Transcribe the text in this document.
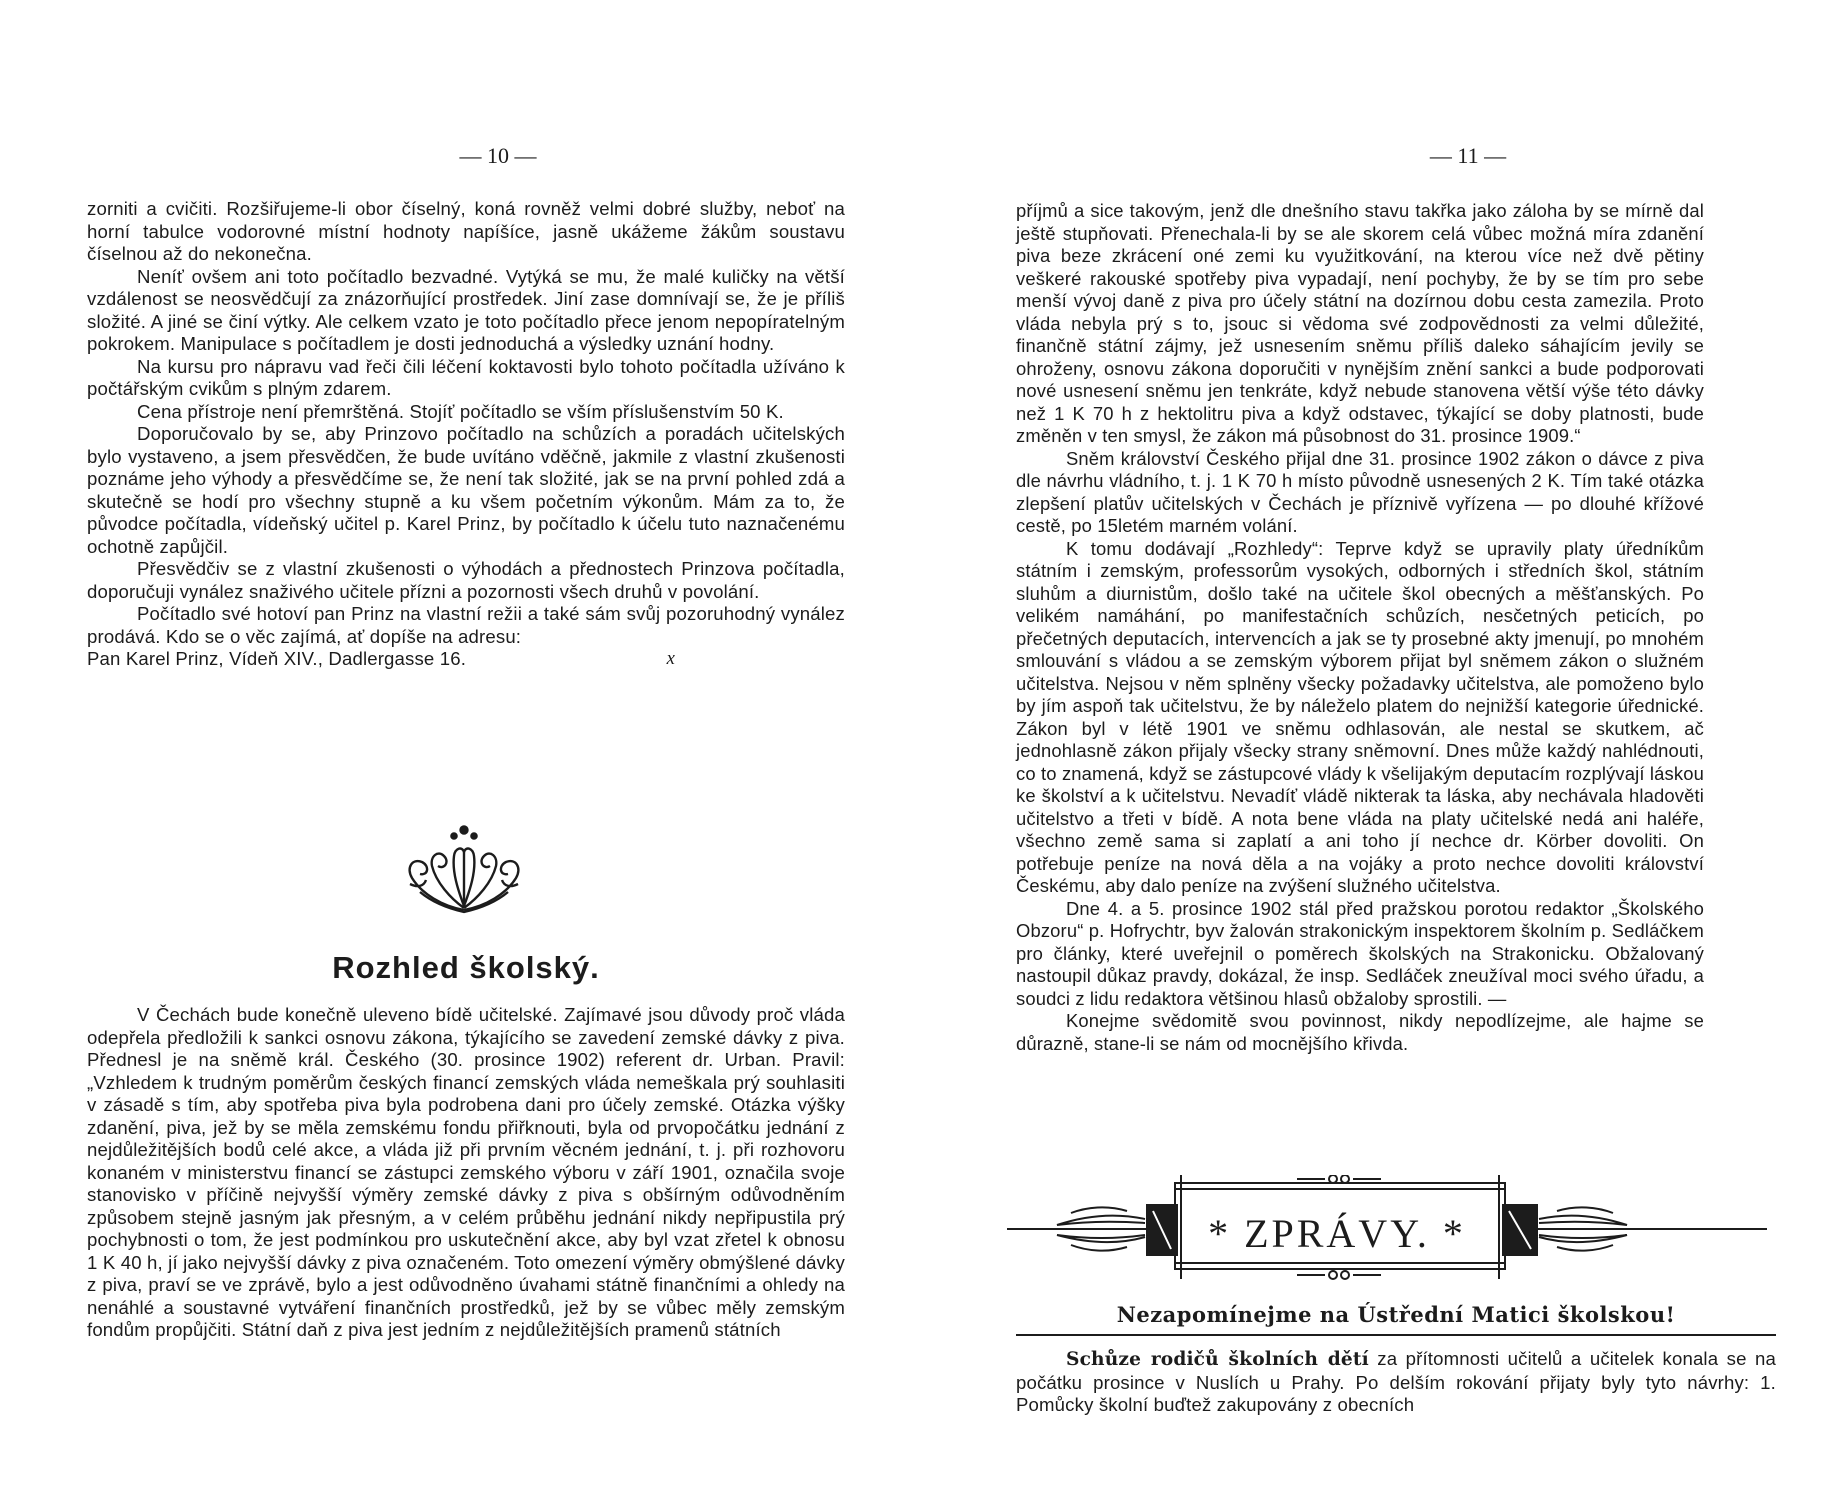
— 10 —

zorniti a cvičiti. Rozšiřujeme-li obor číselný, koná rovněž velmi dobré služby, neboť na horní tabulce vodorovné místní hodnoty napíšíce, jasně ukážeme žákům soustavu číselnou až do nekonečna.

Neníť ovšem ani toto počítadlo bezvadné. Vytýká se mu, že malé kuličky na větší vzdálenost se neosvědčují za znázorňující prostředek. Jiní zase domnívají se, že je příliš složité. A jiné se činí výtky. Ale celkem vzato je toto počítadlo přece jenom nepopíratelným pokrokem. Manipulace s počítadlem je dosti jednoduchá a výsledky uznání hodny.

Na kursu pro nápravu vad řeči čili léčení koktavosti bylo tohoto počítadla užíváno k počtářským cvikům s plným zdarem.

Cena přístroje není přemrštěná. Stojíť počítadlo se vším příslušenstvím 50 K.

Doporučovalo by se, aby Prinzovo počítadlo na schůzích a poradách učitelských bylo vystaveno, a jsem přesvědčen, že bude uvítáno vděčně, jakmile z vlastní zkušenosti poznáme jeho výhody a přesvědčíme se, že není tak složité, jak se na první pohled zdá a skutečně se hodí pro všechny stupně a ku všem početním výkonům. Mám za to, že původce počítadla, vídeňský učitel p. Karel Prinz, by počítadlo k účelu tuto naznačenému ochotně zapůjčil.

Přesvědčiv se z vlastní zkušenosti o výhodách a přednostech Prinzova počítadla, doporučuji vynález snaživého učitele přízni a pozornosti všech druhů v povolání.

Počítadlo své hotoví pan Prinz na vlastní režii a také sám svůj pozoruhodný vynález prodává. Kdo se o věc zajímá, ať dopíše na adresu:

Pan Karel Prinz, Vídeň XIV., Dadlergasse 16.	x

Rozhled školský.

V Čechách bude konečně uleveno bídě učitelské. Zajímavé jsou důvody proč vláda odepřela předložili k sankci osnovu zákona, týkajícího se zavedení zemské dávky z piva. Přednesl je na sněmě král. Českého (30. prosince 1902) referent dr. Urban. Pravil: „Vzhledem k trudným poměrům českých financí zemských vláda nemeškala prý souhlasiti v zásadě s tím, aby spotřeba piva byla podrobena dani pro účely zemské. Otázka výšky zdanění, piva, jež by se měla zemskému fondu přiřknouti, byla od prvopočátku jednání z nejdůležitějších bodů celé akce, a vláda již při prvním věcném jednání, t. j. při rozhovoru konaném v ministerstvu financí se zástupci zemského výboru v září 1901, označila svoje stanovisko v příčině nejvyšší výměry zemské dávky z piva s obšírným odůvodněním způsobem stejně jasným jak přesným, a v celém průběhu jednání nikdy nepřipustila prý pochybnosti o tom, že jest podmínkou pro uskutečnění akce, aby byl vzat zřetel k obnosu 1 K 40 h, jí jako nejvyšší dávky z piva označeném. Toto omezení výměry obmýšlené dávky z piva, praví se ve zprávě, bylo a jest odůvodněno úvahami státně finančními a ohledy na nenáhlé a soustavné vytváření finančních prostředků, jež by se vůbec měly zemským fondům propůjčiti. Státní daň z piva jest jedním z nejdůležitějších pramenů státních

— 11 —

příjmů a sice takovým, jenž dle dnešního stavu takřka jako záloha by se mírně dal ještě stupňovati. Přenechala-li by se ale skorem celá vůbec možná míra zdanění piva beze zkrácení oné zemi ku využitkování, na kterou více než dvě pětiny veškeré rakouské spotřeby piva vypadají, není pochyby, že by se tím pro sebe menší vývoj daně z piva pro účely státní na dozírnou dobu cesta zamezila. Proto vláda nebyla prý s to, jsouc si vědoma své zodpovědnosti za velmi důležité, finančně státní zájmy, jež usnesením sněmu příliš daleko sáhajícím jevily se ohroženy, osnovu zákona doporučiti v nynějším znění sankci a bude podporovati nové usnesení sněmu jen tenkráte, když nebude stanovena větší výše této dávky než 1 K 70 h z hektolitru piva a když odstavec, týkající se doby platnosti, bude změněn v ten smysl, že zákon má působnost do 31. prosince 1909.“

Sněm království Českého přijal dne 31. prosince 1902 zákon o dávce z piva dle návrhu vládního, t. j. 1 K 70 h místo původně usnesených 2 K. Tím také otázka zlepšení platův učitelských v Čechách je příznivě vyřízena — po dlouhé křížové cestě, po 15letém marném volání.

K tomu dodávají „Rozhledy“: Teprve když se upravily platy úředníkům státním i zemským, professorům vysokých, odborných i středních škol, státním sluhům a diurnistům, došlo také na učitele škol obecných a měšťanských. Po velikém namáhání, po manifestačních schůzích, nesčetných peticích, po přečetných deputacích, intervencích a jak se ty prosebné akty jmenují, po mnohém smlouvání s vládou a se zemským výborem přijat byl sněmem zákon o služném učitelstva. Nejsou v něm splněny všecky požadavky učitelstva, ale pomoženo bylo by jím aspoň tak učitelstvu, že by náleželo platem do nejnižší kategorie úřednické. Zákon byl v létě 1901 ve sněmu odhlasován, ale nestal se skutkem, ač jednohlasně zákon přijaly všecky strany sněmovní. Dnes může každý nahlédnouti, co to znamená, když se zástupcové vlády k všelijakým deputacím rozplývají láskou ke školství a k učitelstvu. Nevadíť vládě nikterak ta láska, aby nechávala hladověti učitelstvo a třeti v bídě. A nota bene vláda na platy učitelské nedá ani haléře, všechno země sama si zaplatí a ani toho jí nechce dr. Körber dovoliti. On potřebuje peníze na nová děla a na vojáky a proto nechce dovoliti království Českému, aby dalo peníze na zvýšení služného učitelstva.

Dne 4. a 5. prosince 1902 stál před pražskou porotou redaktor „Školského Obzoru“ p. Hofrychtr, byv žalován strakonickým inspektorem školním p. Sedláčkem pro články, které uveřejnil o poměrech školských na Strakonicku. Obžalovaný nastoupil důkaz pravdy, dokázal, že insp. Sedláček zneužíval moci svého úřadu, a soudci z lidu redaktora většinou hlasů obžaloby sprostili. —

Konejme svědomitě svou povinnost, nikdy nepodlízejme, ale hajme se důrazně, stane-li se nám od mocnějšího křivda.

* ZPRÁVY. *

Nezapomínejme na Ústřední Matici školskou!

Schůze rodičů školních dětí za přítomnosti učitelů a učitelek konala se na počátku prosince v Nuslích u Prahy. Po delším rokování přijaty byly tyto návrhy: 1. Pomůcky školní buďtež zakupovány z obecních
